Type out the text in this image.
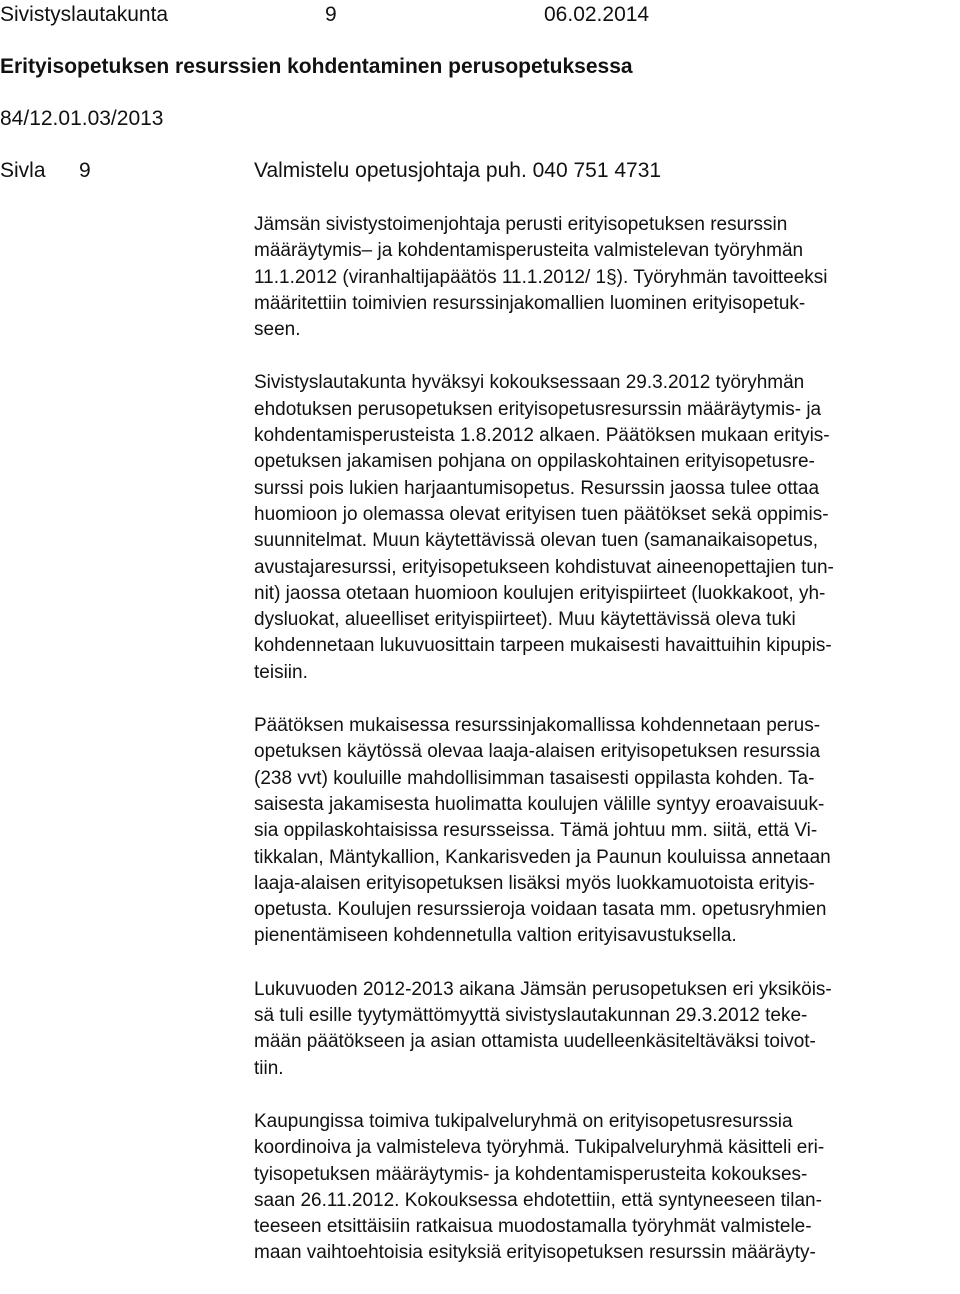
Sivistyslautakunta	9	06.02.2014
Erityisopetuksen resurssien kohdentaminen perusopetuksessa
84/12.01.03/2013
Sivla 9	Valmistelu opetusjohtaja puh. 040 751 4731
Jämsän sivistystoimenjohtaja perusti erityisopetuksen resurssin
määräytymis– ja kohdentamisperusteita valmistelevan työryhmän
11.1.2012 (viranhaltijapäätös 11.1.2012/ 1§). Työryhmän tavoitteeksi
määritettiin toimivien resurssinjakomallien luominen erityisopetuk-
seen.
Sivistyslautakunta hyväksyi kokouksessaan 29.3.2012 työryhmän
ehdotuksen perusopetuksen erityisopetusresurssin määräytymis- ja
kohdentamisperusteista 1.8.2012 alkaen. Päätöksen mukaan erityis-
opetuksen jakamisen pohjana on oppilaskohtainen erityisopetusre-
surssi pois lukien harjaantumisopetus. Resurssin jaossa tulee ottaa
huomioon jo olemassa olevat erityisen tuen päätökset sekä oppimis-
suunnitelmat. Muun käytettävissä olevan tuen (samanaikaisopetus,
avustajaresurssi, erityisopetukseen kohdistuvat aineenopettajien tun-
nit) jaossa otetaan huomioon koulujen erityispiirteet (luokkakoot, yh-
dysluokat, alueelliset erityispiirteet). Muu käytettävissä oleva tuki
kohdennetaan lukuvuosittain tarpeen mukaisesti havaittuihin kipupis-
teisiin.
Päätöksen mukaisessa resurssinjakomallissa kohdennetaan perus-
opetuksen käytössä olevaa laaja-alaisen erityisopetuksen resurssia
(238 vvt) kouluille mahdollisimman tasaisesti oppilasta kohden. Ta-
saisesta jakamisesta huolimatta koulujen välille syntyy eroavaisuuk-
sia oppilaskohtaisissa resursseissa. Tämä johtuu mm. siitä, että Vi-
tikkalan, Mäntykallion, Kankarisveden ja Paunun kouluissa annetaan
laaja-alaisen erityisopetuksen lisäksi myös luokkamuotoista erityis-
opetusta. Koulujen resurssieroja voidaan tasata mm. opetusryhmien
pienentämiseen kohdennetulla valtion erityisavustuksella.
Lukuvuoden 2012-2013 aikana Jämsän perusopetuksen eri yksiköis-
sä tuli esille tyytymättömyyttä sivistyslautakunnan 29.3.2012 teke-
mään päätökseen ja asian ottamista uudelleenkäsiteltäväksi toivot-
tiin.
Kaupungissa toimiva tukipalveluryhmä on erityisopetusresurssia
koordinoiva ja valmisteleva työryhmä. Tukipalveluryhmä käsitteli eri-
tyisopetuksen määräytymis- ja kohdentamisperusteita kokoukses-
saan 26.11.2012. Kokouksessa ehdotettiin, että syntyneeseen tilan-
teeseen etsittäisiin ratkaisua muodostamalla työryhmät valmistele-
maan vaihtoehtoisia esityksiä erityisopetuksen resurssin määräyty-
